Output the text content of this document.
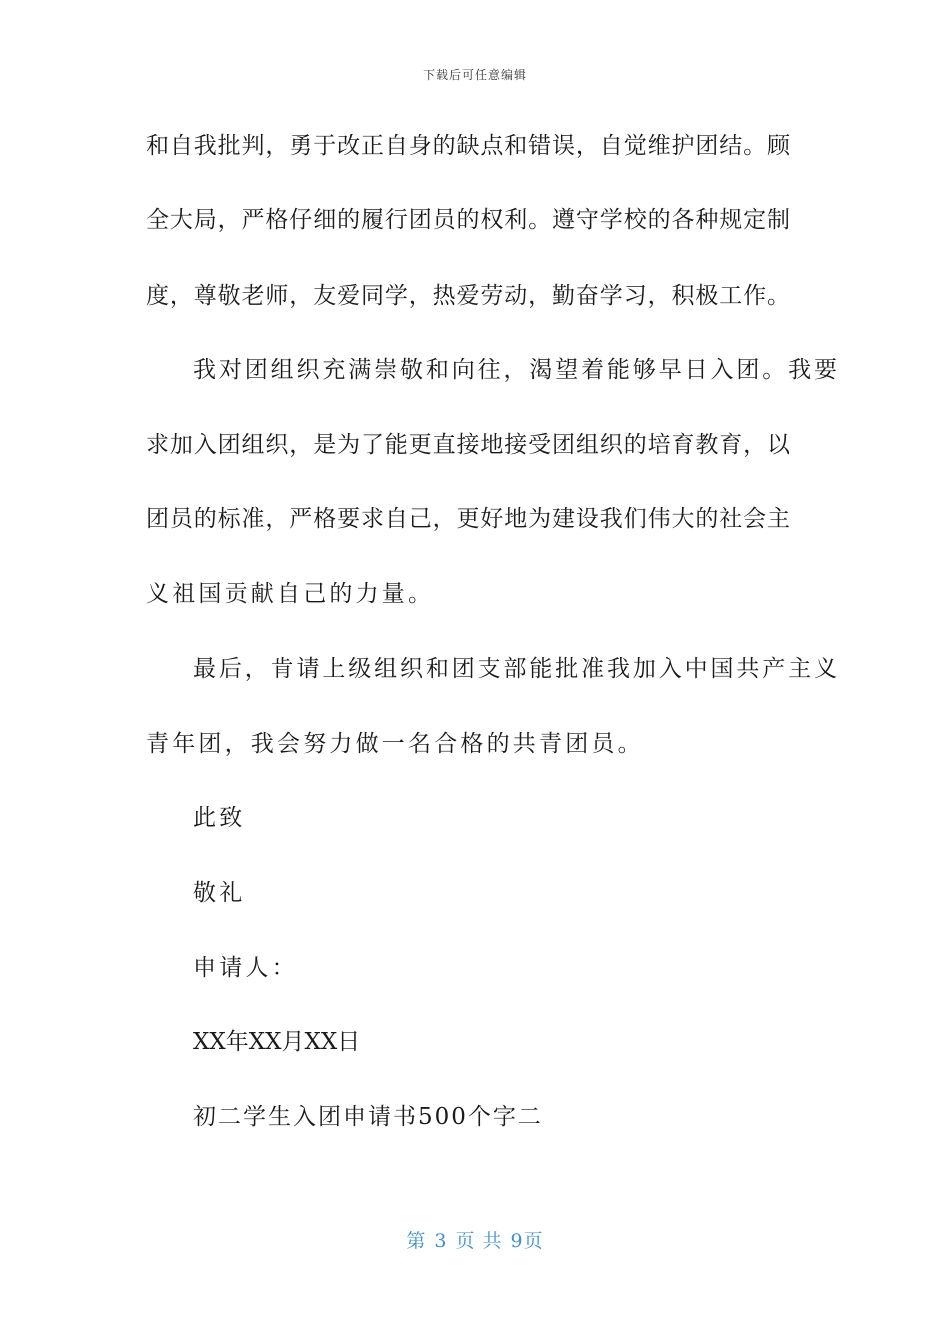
下载后可任意编辑
和自我批判，勇于改正自身的缺点和错误，自觉维护团结。顾
全大局，严格仔细的履行团员的权利。遵守学校的各种规定制
度，尊敬老师，友爱同学，热爱劳动，勤奋学习，积极工作。
我对团组织充满崇敬和向往，渴望着能够早日入团。我要
求加入团组织，是为了能更直接地接受团组织的培育教育，以
团员的标准，严格要求自己，更好地为建设我们伟大的社会主
义祖国贡献自己的力量。
最后，肯请上级组织和团支部能批准我加入中国共产主义
青年团，我会努力做一名合格的共青团员。
此致
敬礼
申请人：
XX年XX月XX日
初二学生入团申请书500个字二
第 3 页 共 9页
